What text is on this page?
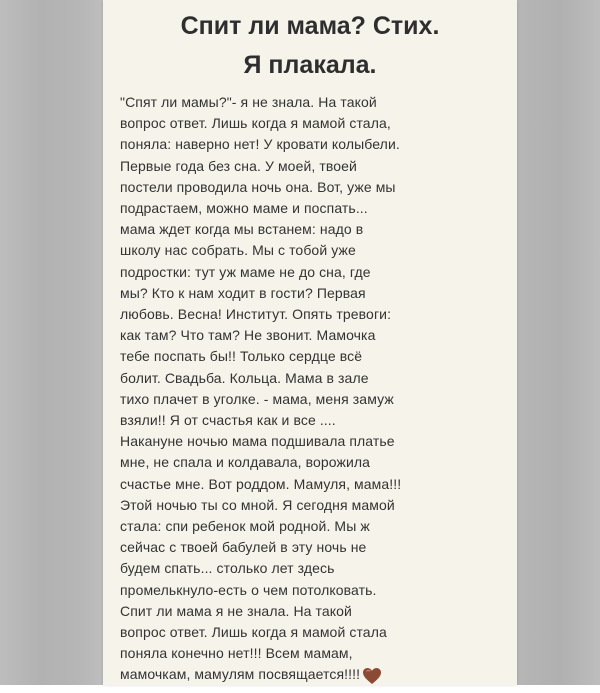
Спит ли мама? Стих.
Я плакала.
"Спят ли мамы?"- я не знала. На такой
вопрос ответ. Лишь когда я мамой стала,
поняла: наверно нет! У кровати колыбели.
Первые года без сна. У моей, твоей
постели проводила ночь она. Вот, уже мы
подрастаем, можно маме и поспать...
мама ждет когда мы встанем: надо в
школу нас собрать. Мы с тобой уже
подростки: тут уж маме не до сна, где
мы? Кто к нам ходит в гости? Первая
любовь. Весна! Институт. Опять тревоги:
как там? Что там? Не звонит. Мамочка
тебе поспать бы!! Только сердце всё
болит. Свадьба. Кольца. Мама в зале
тихо плачет в уголке. - мама, меня замуж
взяли!! Я от счастья как и все ....
Накануне ночью мама подшивала платье
мне, не спала и колдавала, ворожила
счастье мне. Вот роддом. Мамуля, мама!!!
Этой ночью ты со мной. Я сегодня мамой
стала: спи ребенок мой родной. Мы ж
сейчас с твоей бабулей в эту ночь не
будем спать... столько лет здесь
промелькнуло-есть о чем потолковать.
Спит ли мама я не знала. На такой
вопрос ответ. Лишь когда я мамой стала
поняла конечно нет!!! Всем мамам,
мамочкам, мамулям посвящается!!!!
